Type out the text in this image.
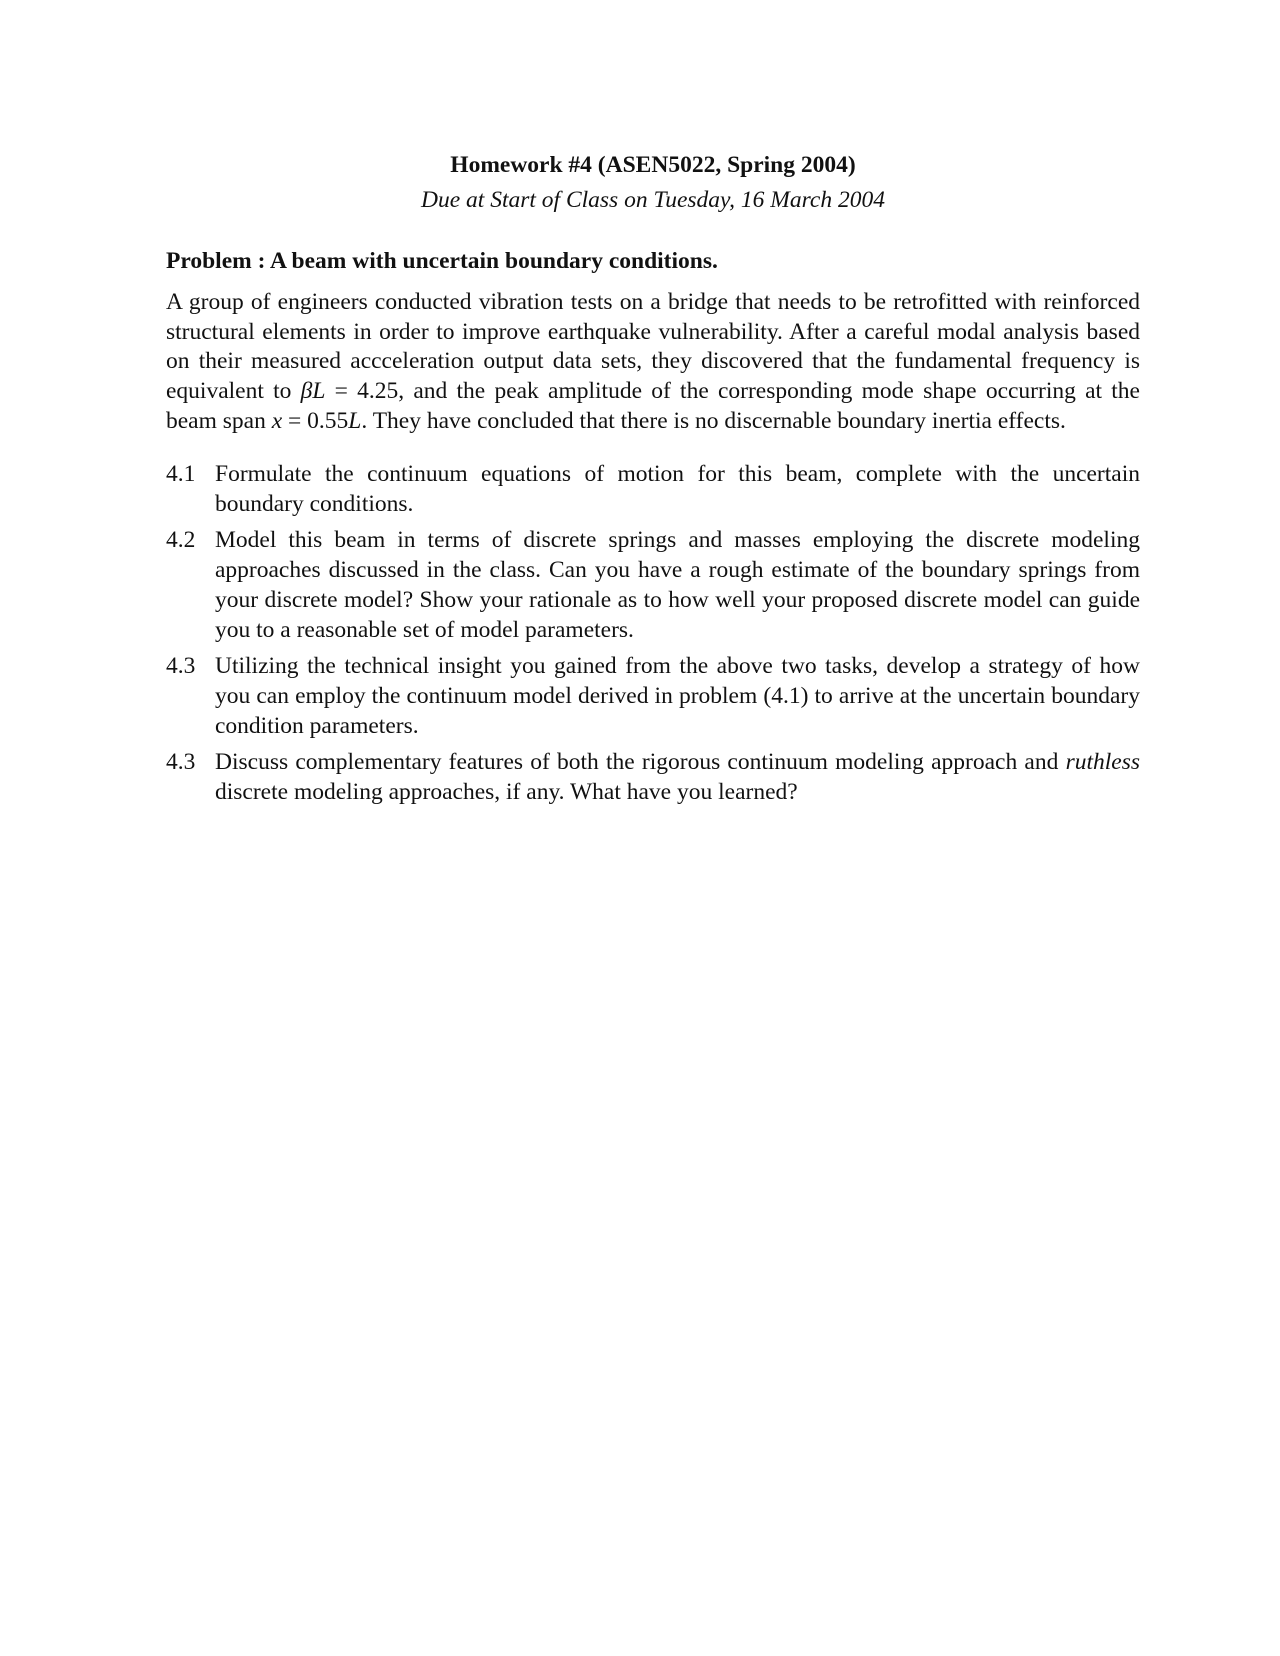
Homework #4 (ASEN5022, Spring 2004)
Due at Start of Class on Tuesday, 16 March 2004
Problem : A beam with uncertain boundary conditions.

A group of engineers conducted vibration tests on a bridge that needs to be retrofitted with reinforced structural elements in order to improve earthquake vulnerability. After a careful modal analysis based on their measured accceleration output data sets, they discovered that the fundamental frequency is equivalent to βL = 4.25, and the peak amplitude of the corresponding mode shape occurring at the beam span x = 0.55L. They have concluded that there is no discernable boundary inertia effects.

4.1 Formulate the continuum equations of motion for this beam, complete with the uncertain boundary conditions.
4.2 Model this beam in terms of discrete springs and masses employing the discrete modeling approaches discussed in the class. Can you have a rough estimate of the boundary springs from your discrete model? Show your rationale as to how well your proposed discrete model can guide you to a reasonable set of model parameters.
4.3 Utilizing the technical insight you gained from the above two tasks, develop a strategy of how you can employ the continuum model derived in problem (4.1) to arrive at the uncertain boundary condition parameters.
4.3 Discuss complementary features of both the rigorous continuum modeling approach and ruthless discrete modeling approaches, if any. What have you learned?
